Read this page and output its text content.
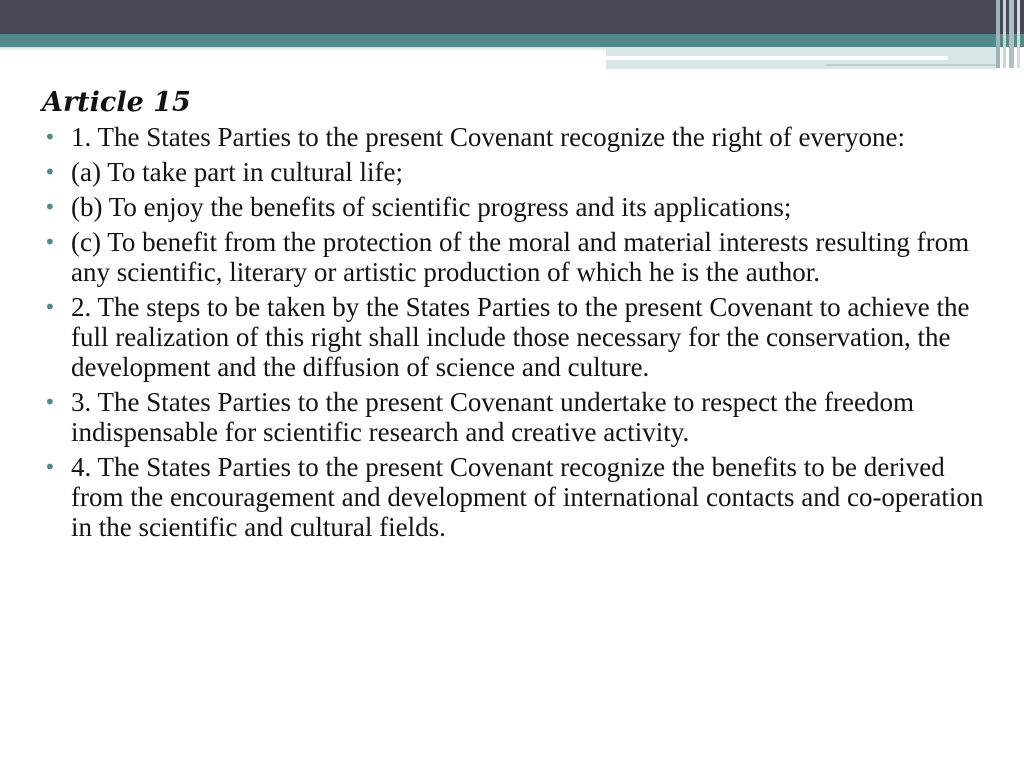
Article 15
• 1. The States Parties to the present Covenant recognize the right of everyone:
• (a) To take part in cultural life;
• (b) To enjoy the benefits of scientific progress and its applications;
• (c) To benefit from the protection of the moral and material interests resulting from any scientific, literary or artistic production of which he is the author.
• 2. The steps to be taken by the States Parties to the present Covenant to achieve the full realization of this right shall include those necessary for the conservation, the development and the diffusion of science and culture.
• 3. The States Parties to the present Covenant undertake to respect the freedom indispensable for scientific research and creative activity.
• 4. The States Parties to the present Covenant recognize the benefits to be derived from the encouragement and development of international contacts and co-operation in the scientific and cultural fields.
